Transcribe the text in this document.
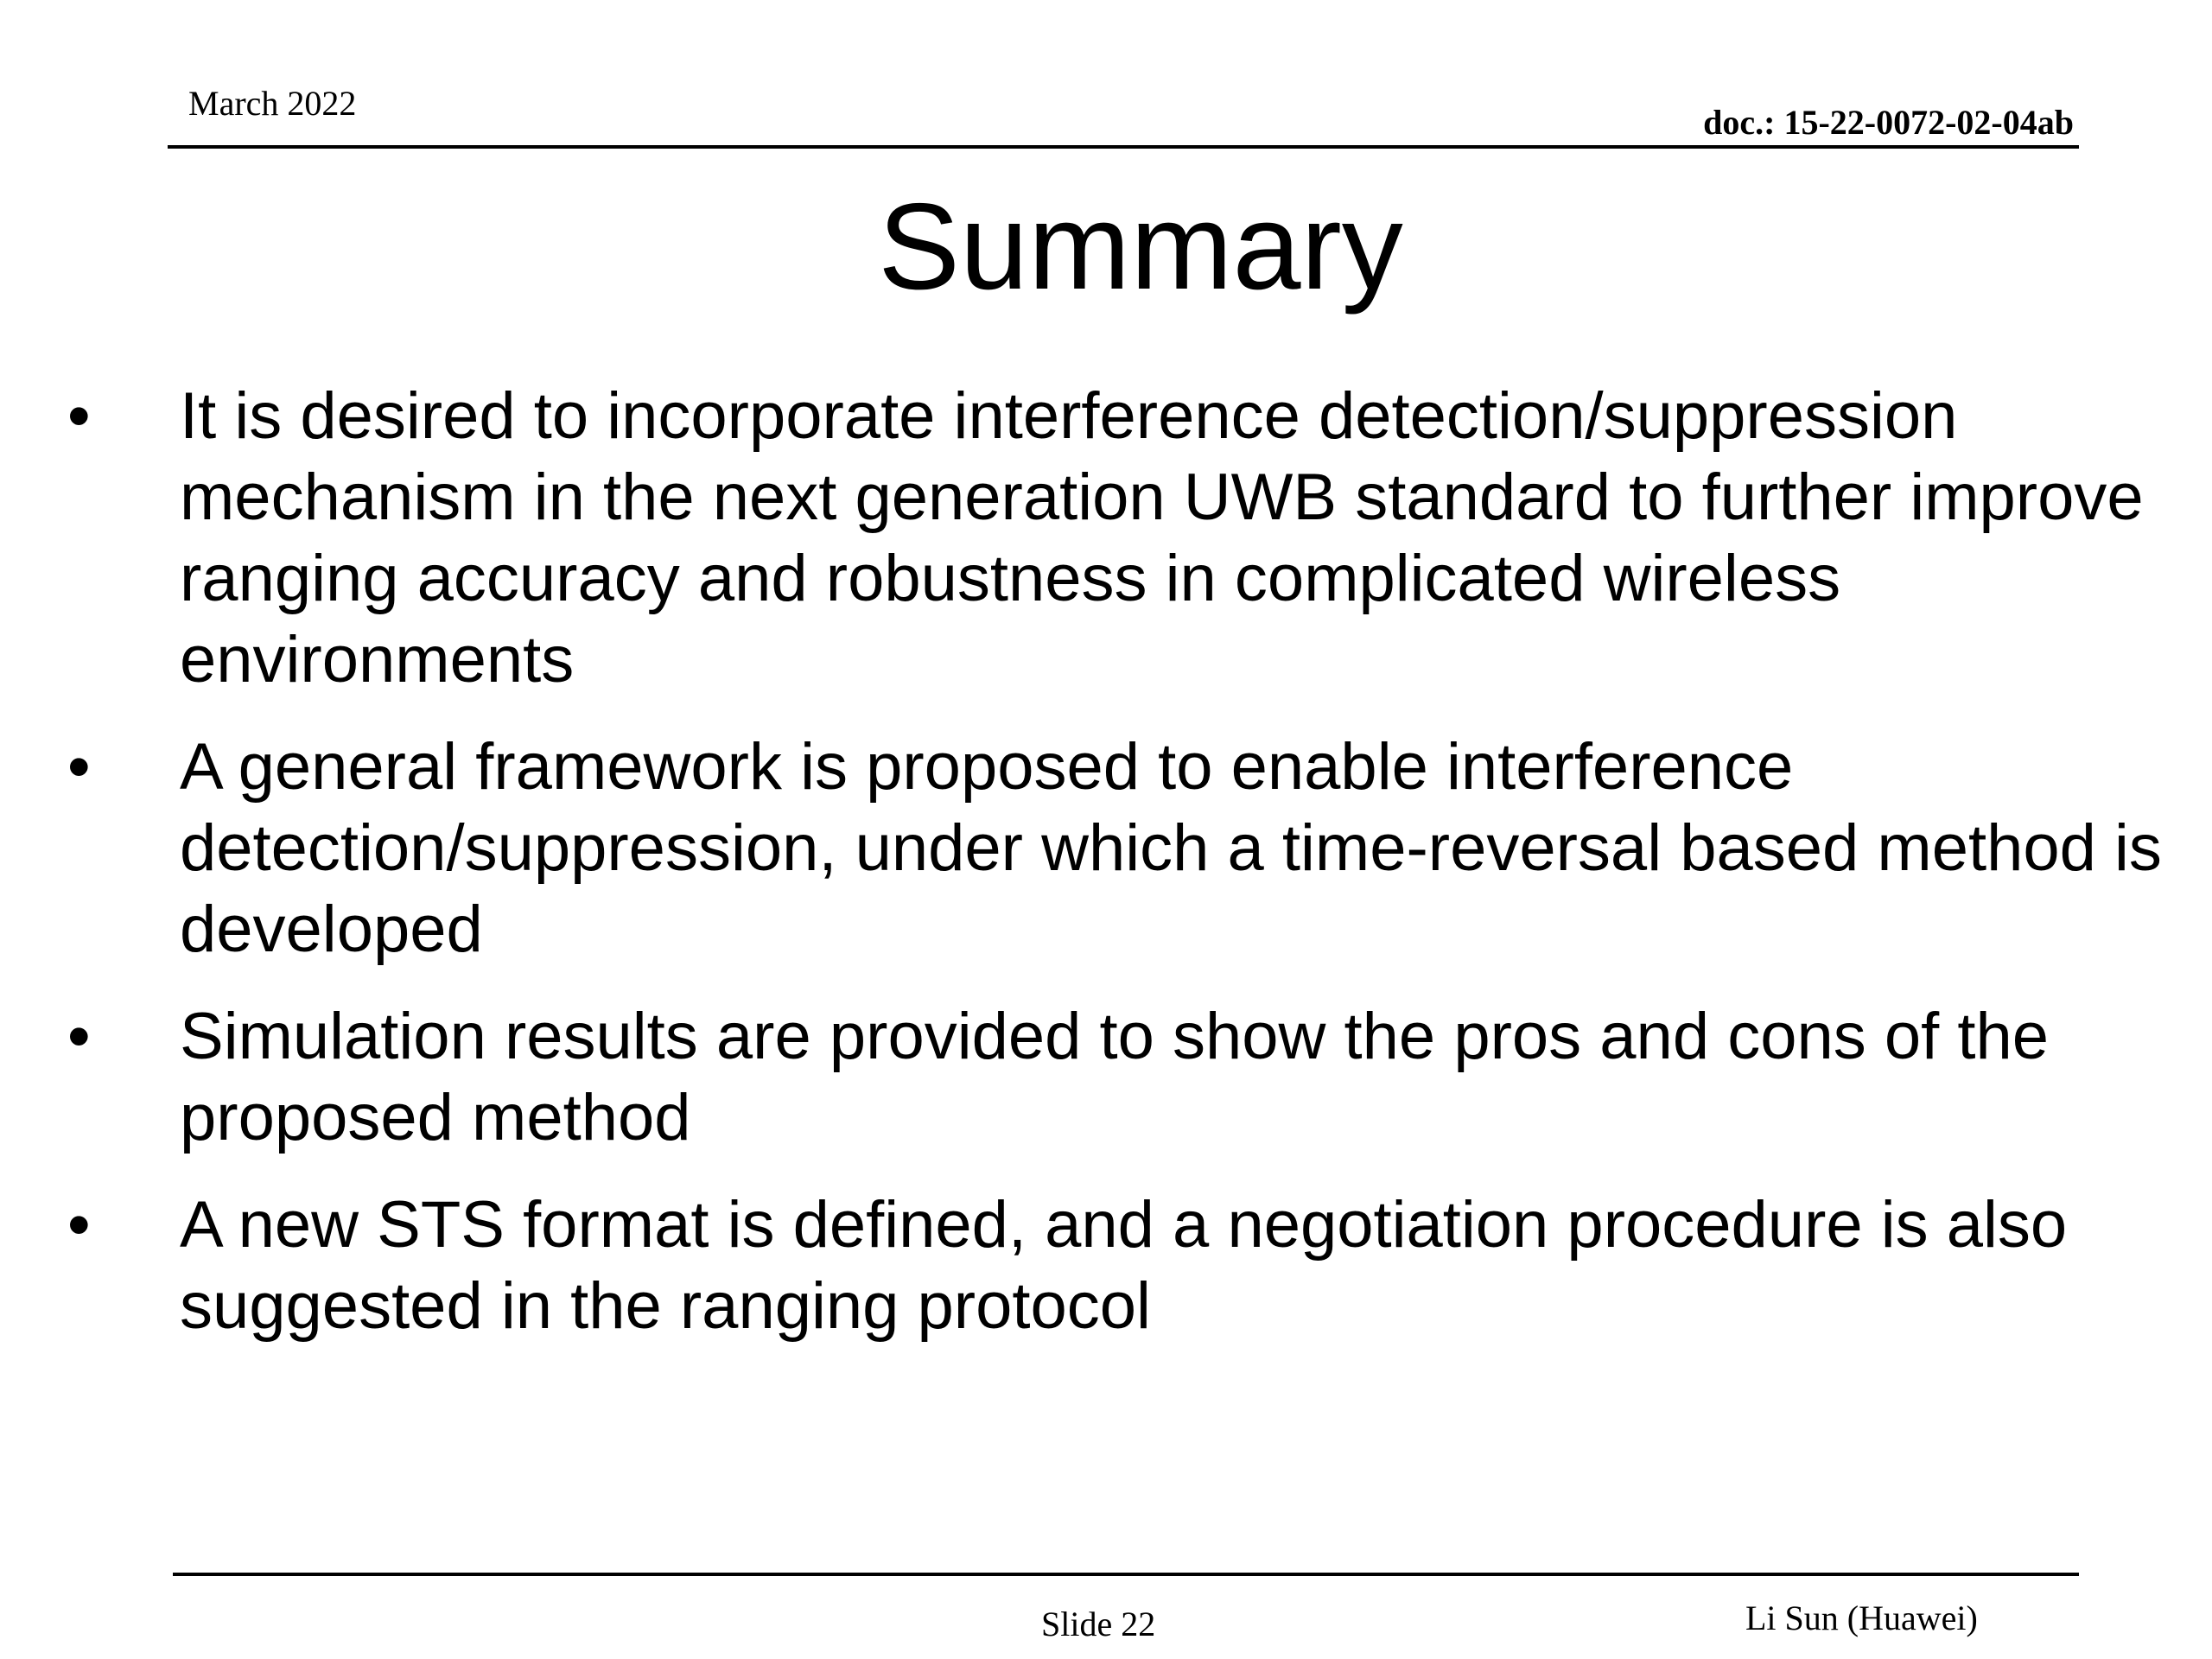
March 2022	doc.: 15-22-0072-02-04ab
Summary
•	It is desired to incorporate interference detection/suppression mechanism in the next generation UWB standard to further improve ranging accuracy and robustness in complicated wireless environments
•	A general framework is proposed to enable interference detection/suppression, under which a time-reversal based method is developed
•	Simulation results are provided to show the pros and cons of the proposed method
•	A new STS format is defined, and a negotiation procedure is also suggested in the ranging protocol
Slide 22	Li Sun (Huawei)
